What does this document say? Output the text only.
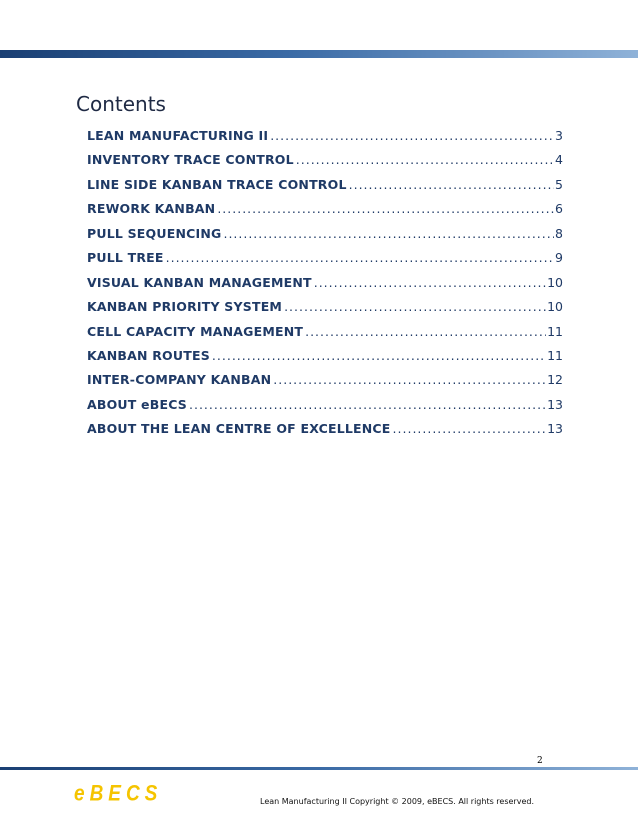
Contents
LEAN MANUFACTURING II .....	3
INVENTORY TRACE CONTROL .....	4
LINE SIDE KANBAN TRACE CONTROL .....	5
REWORK KANBAN .....	6
PULL SEQUENCING .....	8
PULL TREE .....	9
VISUAL KANBAN MANAGEMENT .....	10
KANBAN PRIORITY SYSTEM .....	10
CELL CAPACITY MANAGEMENT .....	11
KANBAN ROUTES .....	11
INTER-COMPANY KANBAN .....	12
ABOUT eBECS .....	13
ABOUT THE LEAN CENTRE OF EXCELLENCE .....	13
2
eBECS	Lean Manufacturing II Copyright © 2009, eBECS. All rights reserved.
